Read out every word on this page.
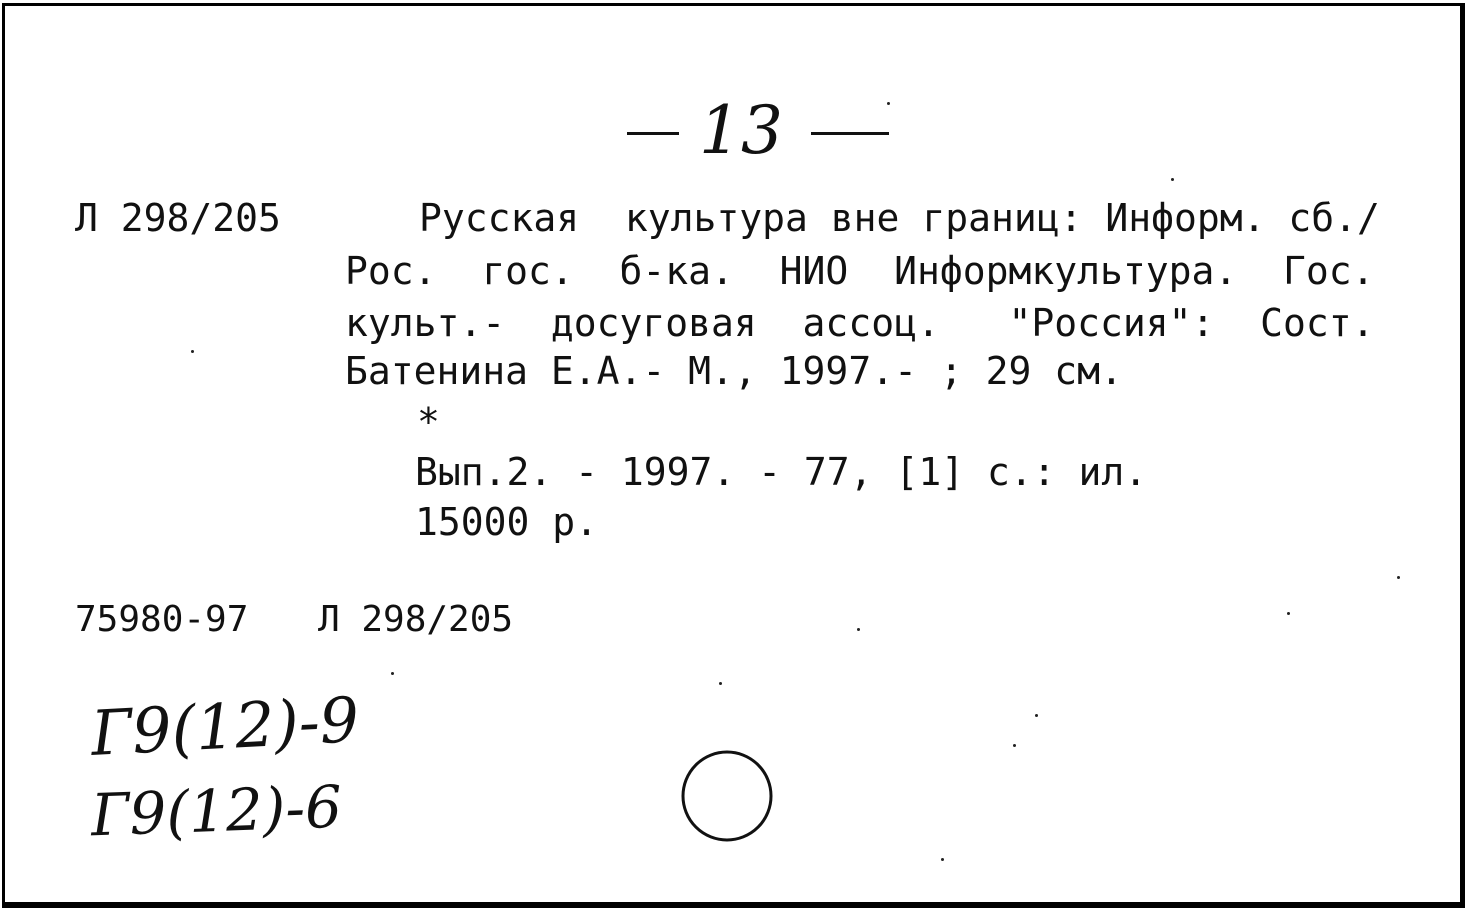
13
Л 298/205	Русская  культура вне границ: Информ. сб./
Рос.  гос.  б-ка.  НИО  Информкультура.  Гос.
культ.-  досуговая  ассоц.   "Россия":  Сост.
Батенина Е.А.- М., 1997.- ; 29 см.
*
Вып.2. - 1997. - 77, [1] с.: ил.
15000 р.
75980-97 Л 298/205
Г9(12)-9
Г9(12)-6
